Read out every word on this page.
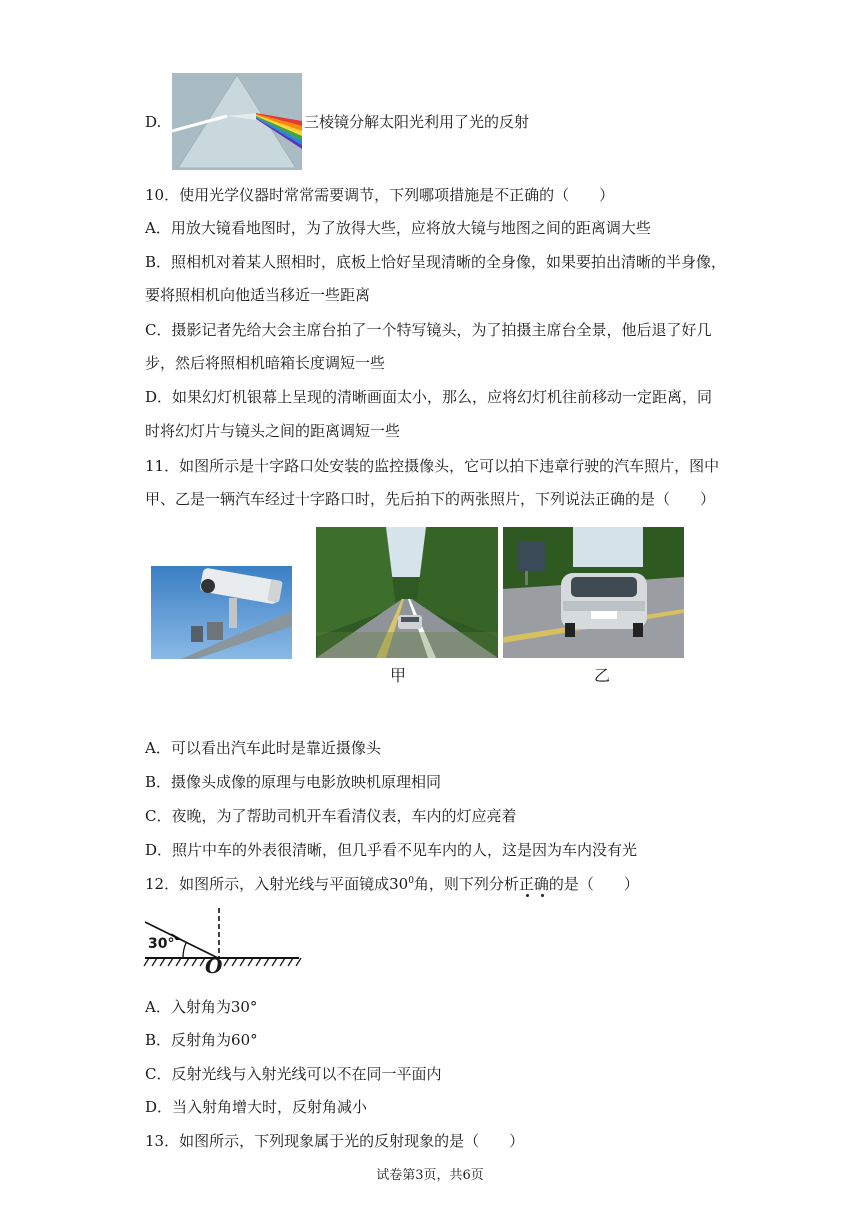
D.	三棱镜分解太阳光利用了光的反射
10．使用光学仪器时常常需要调节，下列哪项措施是不正确的（　　）
A．用放大镜看地图时，为了放得大些，应将放大镜与地图之间的距离调大些
B．照相机对着某人照相时，底板上恰好呈现清晰的全身像，如果要拍出清晰的半身像，
要将照相机向他适当移近一些距离
C．摄影记者先给大会主席台拍了一个特写镜头，为了拍摄主席台全景，他后退了好几
步，然后将照相机暗箱长度调短一些
D．如果幻灯机银幕上呈现的清晰画面太小，那么，应将幻灯机往前移动一定距离，同
时将幻灯片与镜头之间的距离调短一些
11．如图所示是十字路口处安装的监控摄像头，它可以拍下违章行驶的汽车照片，图中
甲、乙是一辆汽车经过十字路口时，先后拍下的两张照片，下列说法正确的是（　　）
甲	乙
A．可以看出汽车此时是靠近摄像头
B．摄像头成像的原理与电影放映机原理相同
C．夜晚，为了帮助司机开车看清仪表，车内的灯应亮着
D．照片中车的外表很清晰，但几乎看不见车内的人，这是因为车内没有光
12．如图所示，入射光线与平面镜成$30^0$角，则下列分析正确的是（　　）
30°
O
A．入射角为30°
B．反射角为60°
C．反射光线与入射光线可以不在同一平面内
D．当入射角增大时，反射角减小
13．如图所示，下列现象属于光的反射现象的是（　　）
试卷第3页，共6页
